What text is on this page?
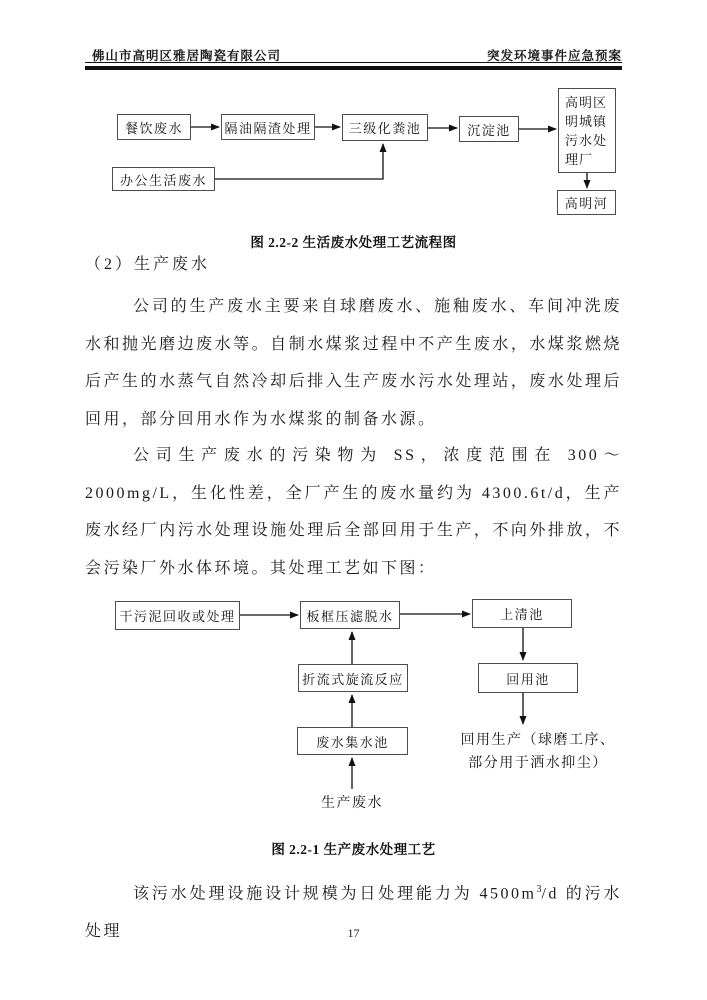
佛山市高明区雅居陶瓷有限公司	突发环境事件应急预案
餐饮废水	隔油隔渣处理	三级化粪池	沉淀池
高明区明城镇污水处理厂
高明河
办公生活废水
图 2.2-2 生活废水处理工艺流程图
（2）生产废水
公司的生产废水主要来自球磨废水、施釉废水、车间冲洗废水和抛光磨边废水等。自制水煤浆过程中不产生废水，水煤浆燃烧后产生的水蒸气自然冷却后排入生产废水污水处理站，废水处理后回用，部分回用水作为水煤浆的制备水源。
公司生产废水的污染物为 SS，浓度范围在 300～2000mg/L，生化性差，全厂产生的废水量约为 4300.6t/d，生产废水经厂内污水处理设施处理后全部回用于生产，不向外排放，不会污染厂外水体环境。其处理工艺如下图：
干污泥回收或处理	板框压滤脱水	上清池
折流式旋流反应	回用池
废水集水池
生产废水
回用生产（球磨工序、
部分用于洒水抑尘）
图 2.2-1 生产废水处理工艺
该污水处理设施设计规模为日处理能力为 $4500m^3/d$ 的污水处理	17
